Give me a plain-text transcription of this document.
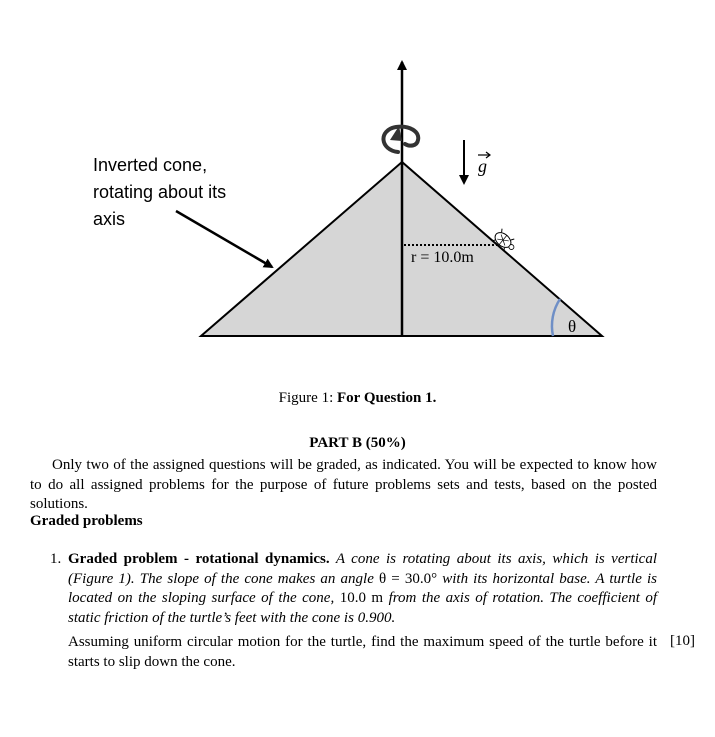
g
r = 10.0m
θ
Inverted cone, rotating about its axis
Figure 1: For Question 1.
PART B (50%)
Only two of the assigned questions will be graded, as indicated. You will be expected to know how to do all assigned problems for the purpose of future problems sets and tests, based on the posted solutions.
Graded problems
1. Graded problem - rotational dynamics. A cone is rotating about its axis, which is vertical (Figure 1). The slope of the cone makes an angle θ = 30.0° with its horizontal base. A turtle is located on the sloping surface of the cone, 10.0 m from the axis of rotation. The coefficient of static friction of the turtle’s feet with the cone is 0.900.
Assuming uniform circular motion for the turtle, find the maximum speed of the turtle before it starts to slip down the cone.
[10]
